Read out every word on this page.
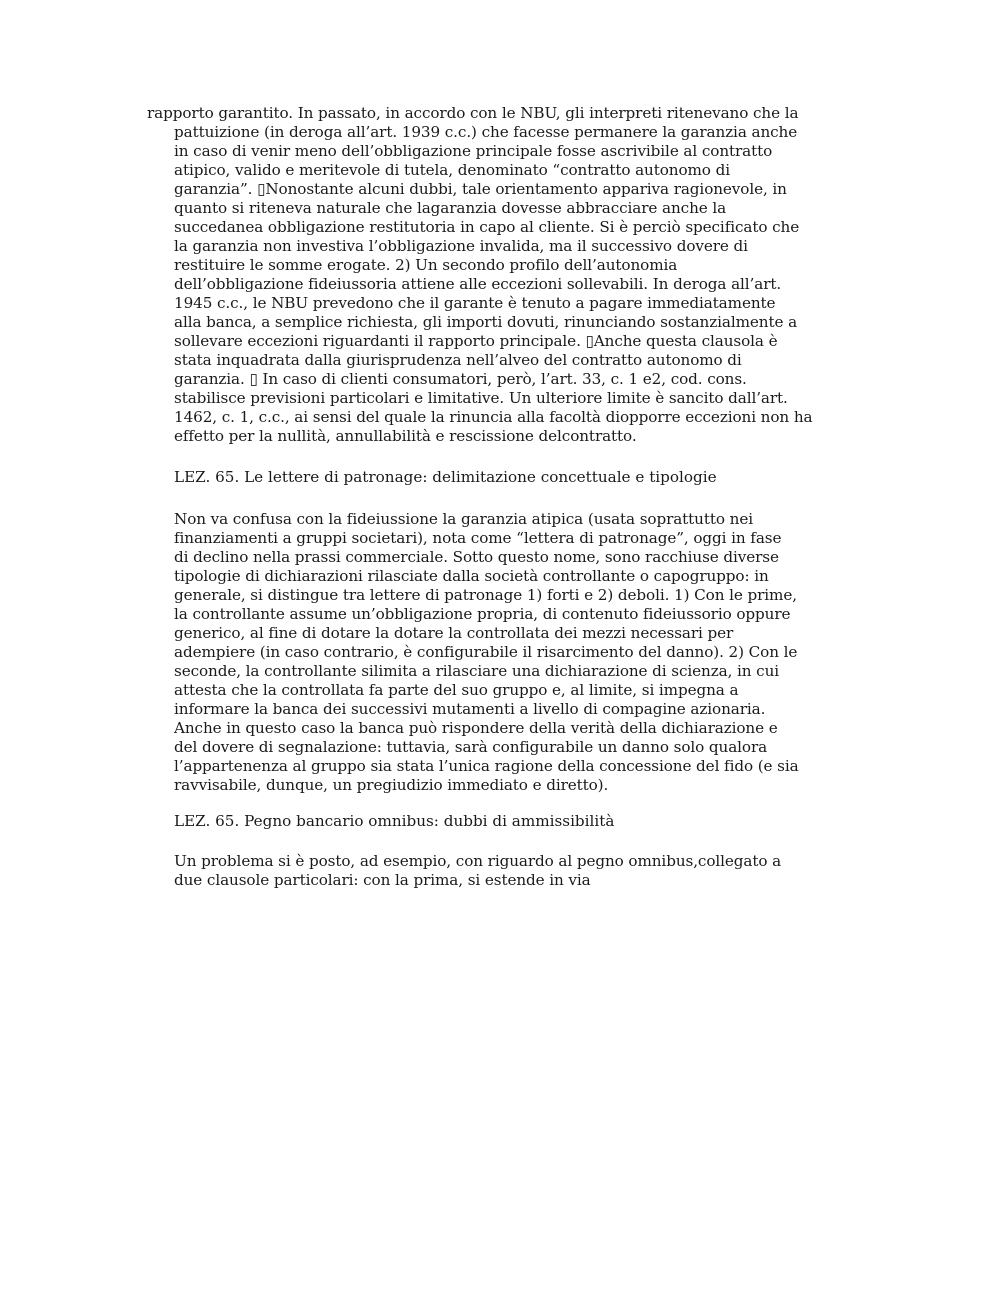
rapporto garantito. In passato, in accordo con le NBU, gli interpreti ritenevano che la
pattuizione (in deroga all’art. 1939 c.c.) che facesse permanere la garanzia anche
in caso di venir meno dell’obbligazione principale fosse ascrivibile al contratto
atipico, valido e meritevole di tutela, denominato “contratto autonomo di
garanzia”. ▯Nonostante alcuni dubbi, tale orientamento appariva ragionevole, in
quanto si riteneva naturale che lagaranzia dovesse abbracciare anche la
succedanea obbligazione restitutoria in capo al cliente. Si è perciò specificato che
la garanzia non investiva l’obbligazione invalida, ma il successivo dovere di
restituire le somme erogate. 2) Un secondo profilo dell’autonomia
dell’obbligazione fideiussoria attiene alle eccezioni sollevabili. In deroga all’art.
1945 c.c., le NBU prevedono che il garante è tenuto a pagare immediatamente
alla banca, a semplice richiesta, gli importi dovuti, rinunciando sostanzialmente a
sollevare eccezioni riguardanti il rapporto principale. ▯Anche questa clausola è
stata inquadrata dalla giurisprudenza nell’alveo del contratto autonomo di
garanzia. ▯ In caso di clienti consumatori, però, l’art. 33, c. 1 e2, cod. cons.
stabilisce previsioni particolari e limitative. Un ulteriore limite è sancito dall’art.
1462, c. 1, c.c., ai sensi del quale la rinuncia alla facoltà diopporre eccezioni non ha
effetto per la nullità, annullabilità e rescissione delcontratto.
LEZ. 65. Le lettere di patronage: delimitazione concettuale e tipologie
Non va confusa con la fideiussione la garanzia atipica (usata soprattutto nei
finanziamenti a gruppi societari), nota come “lettera di patronage”, oggi in fase
di declino nella prassi commerciale. Sotto questo nome, sono racchiuse diverse
tipologie di dichiarazioni rilasciate dalla società controllante o capogruppo: in
generale, si distingue tra lettere di patronage 1) forti e 2) deboli. 1) Con le prime,
la controllante assume un’obbligazione propria, di contenuto fideiussorio oppure
generico, al fine di dotare la dotare la controllata dei mezzi necessari per
adempiere (in caso contrario, è configurabile il risarcimento del danno). 2) Con le
seconde, la controllante silimita a rilasciare una dichiarazione di scienza, in cui
attesta che la controllata fa parte del suo gruppo e, al limite, si impegna a
informare la banca dei successivi mutamenti a livello di compagine azionaria.
Anche in questo caso la banca può rispondere della verità della dichiarazione e
del dovere di segnalazione: tuttavia, sarà configurabile un danno solo qualora
l’appartenenza al gruppo sia stata l’unica ragione della concessione del fido (e sia
ravvisabile, dunque, un pregiudizio immediato e diretto).
LEZ. 65. Pegno bancario omnibus: dubbi di ammissibilità
Un problema si è posto, ad esempio, con riguardo al pegno omnibus,collegato a
due clausole particolari: con la prima, si estende in via
